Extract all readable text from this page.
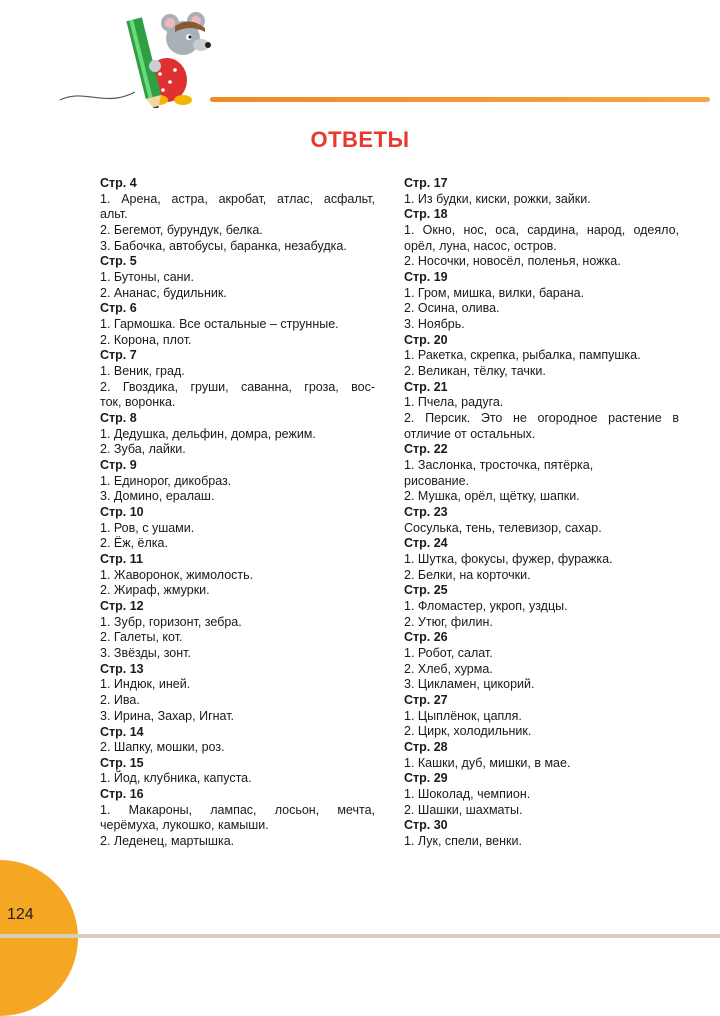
ОТВЕТЫ
Стр. 4
1. Арена, астра, акробат, атлас, асфальт,
альт.
2. Бегемот, бурундук, белка.
3. Бабочка, автобусы, баранка, незабудка.
Стр. 5
1. Бутоны, сани.
2. Ананас, будильник.
Стр. 6
1. Гармошка. Все остальные – струнные.
2. Корона, плот.
Стр. 7
1. Веник, град.
2. Гвоздика, груши, саванна, гроза, вос-
ток, воронка.
Стр. 8
1. Дедушка, дельфин, домра, режим.
2. Зуба, лайки.
Стр. 9
1. Единорог, дикобраз.
3. Домино, ералаш.
Стр. 10
1. Ров, с ушами.
2. Ёж, ёлка.
Стр. 11
1. Жаворонок, жимолость.
2. Жираф, жмурки.
Стр. 12
1. Зубр, горизонт, зебра.
2. Галеты, кот.
3. Звёзды, зонт.
Стр. 13
1. Индюк, иней.
2. Ива.
3. Ирина, Захар, Игнат.
Стр. 14
2. Шапку, мошки, роз.
Стр. 15
1. Йод, клубника, капуста.
Стр. 16
1. Макароны, лампас, лосьон, мечта,
черёмуха, лукошко, камыши.
2. Леденец, мартышка.
Стр. 17
1. Из будки, киски, рожки, зайки.
Стр. 18
1. Окно, нос, оса, сардина, народ, одеяло,
орёл, луна, насос, остров.
2. Носочки, новосёл, поленья, ножка.
Стр. 19
1. Гром, мишка, вилки, барана.
2. Осина, олива.
3. Ноябрь.
Стр. 20
1. Ракетка, скрепка, рыбалка, пампушка.
2. Великан, тёлку, тачки.
Стр. 21
1. Пчела, радуга.
2. Персик. Это не огородное растение в
отличие от остальных.
Стр. 22
1. Заслонка, тросточка, пятёрка,
рисование.
2. Мушка, орёл, щётку, шапки.
Стр. 23
Сосулька, тень, телевизор, сахар.
Стр. 24
1. Шутка, фокусы, фужер, фуражка.
2. Белки, на корточки.
Стр. 25
1. Фломастер, укроп, уздцы.
2. Утюг, филин.
Стр. 26
1. Робот, салат.
2. Хлеб, хурма.
3. Цикламен, цикорий.
Стр. 27
1. Цыплёнок, цапля.
2. Цирк, холодильник.
Стр. 28
1. Кашки, дуб, мишки, в мае.
Стр. 29
1. Шоколад, чемпион.
2. Шашки, шахматы.
Стр. 30
1. Лук, спели, венки.
124
